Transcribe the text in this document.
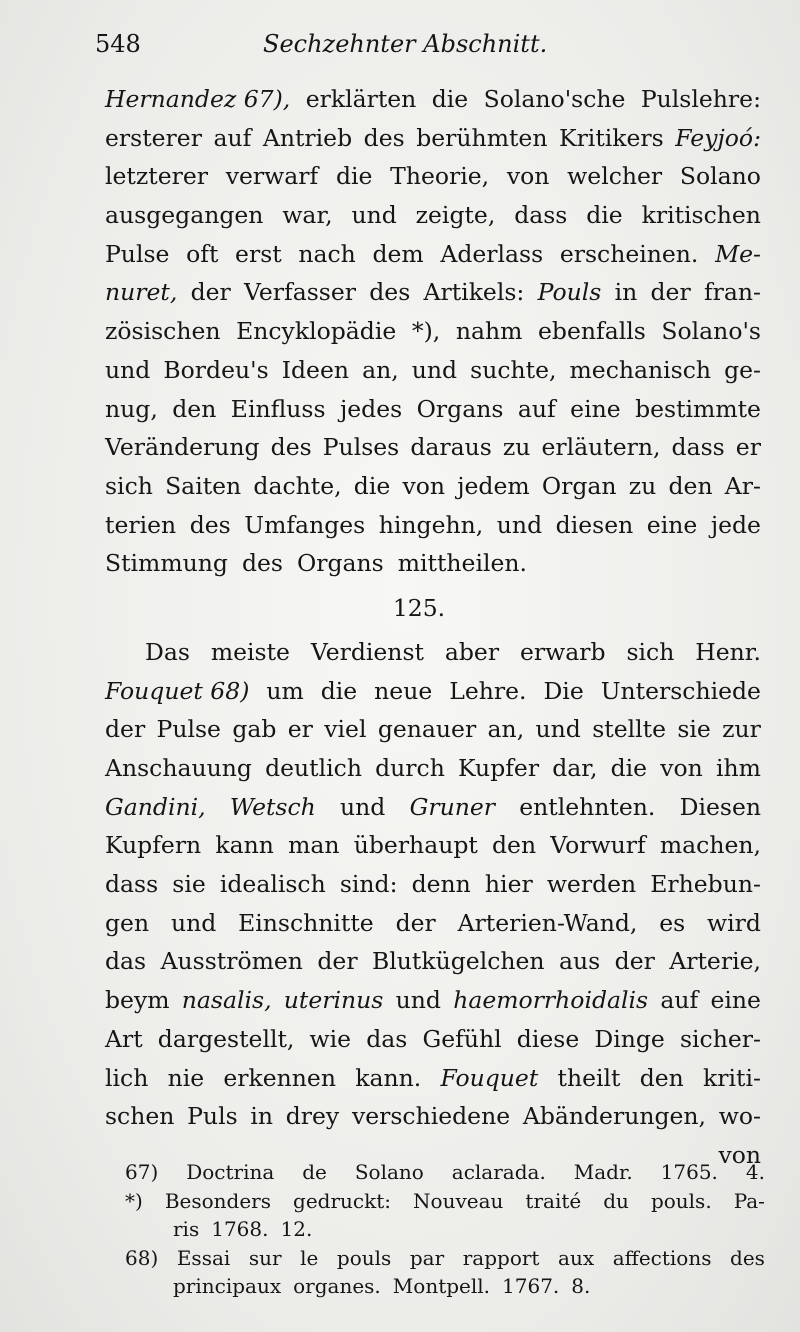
548	Sechzehnter Abschnitt.
Hernandez 67), erklärten die Solano'sche Pulslehre:
ersterer auf Antrieb des berühmten Kritikers Feyjoó:
letzterer verwarf die Theorie, von welcher Solano
ausgegangen war, und zeigte, dass die kritischen
Pulse oft erst nach dem Aderlass erscheinen. Me-
nuret, der Verfasser des Artikels: Pouls in der fran-
zösischen Encyklopädie *), nahm ebenfalls Solano's
und Bordeu's Ideen an, und suchte, mechanisch ge-
nug, den Einfluss jedes Organs auf eine bestimmte
Veränderung des Pulses daraus zu erläutern, dass er
sich Saiten dachte, die von jedem Organ zu den Ar-
terien des Umfanges hingehn, und diesen eine jede
Stimmung des Organs mittheilen.
125.
Das meiste Verdienst aber erwarb sich Henr.
Fouquet 68) um die neue Lehre. Die Unterschiede
der Pulse gab er viel genauer an, und stellte sie zur
Anschauung deutlich durch Kupfer dar, die von ihm
Gandini, Wetsch und Gruner entlehnten. Diesen
Kupfern kann man überhaupt den Vorwurf machen,
dass sie idealisch sind: denn hier werden Erhebun-
gen und Einschnitte der Arterien-Wand, es wird
das Ausströmen der Blutkügelchen aus der Arterie,
beym nasalis, uterinus und haemorrhoidalis auf eine
Art dargestellt, wie das Gefühl diese Dinge sicher-
lich nie erkennen kann. Fouquet theilt den kriti-
schen Puls in drey verschiedene Abänderungen, wo-
von
67) Doctrina de Solano aclarada. Madr. 1765. 4.
*) Besonders gedruckt: Nouveau traité du pouls. Pa-
ris 1768. 12.
68) Essai sur le pouls par rapport aux affections des
principaux organes. Montpell. 1767. 8.
